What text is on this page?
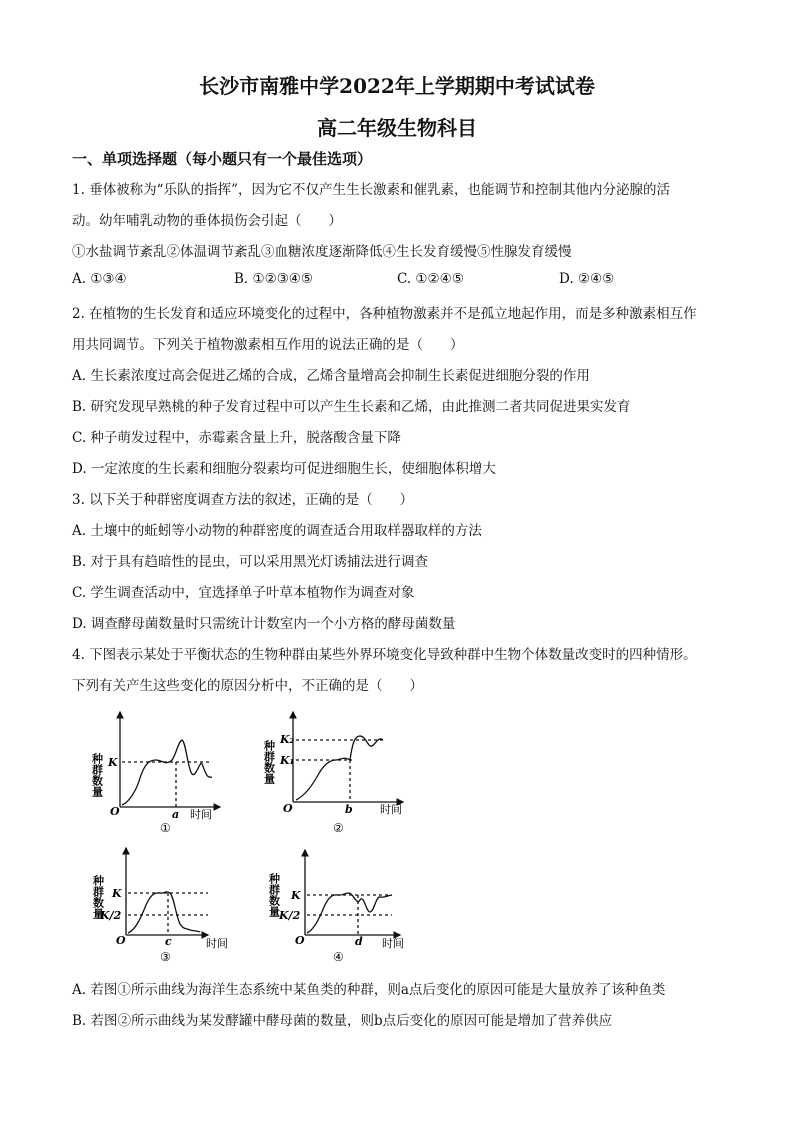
长沙市南雅中学2022年上学期期中考试试卷
高二年级生物科目
一、单项选择题（每小题只有一个最佳选项）
1. 垂体被称为“乐队的指挥”，因为它不仅产生生长激素和催乳素，也能调节和控制其他内分泌腺的活
动。幼年哺乳动物的垂体损伤会引起（　　）
①水盐调节紊乱②体温调节紊乱③血糖浓度逐渐降低④生长发育缓慢⑤性腺发育缓慢
A. ①③④	B. ①②③④⑤	C. ①②④⑤	D. ②④⑤
2. 在植物的生长发育和适应环境变化的过程中，各种植物激素并不是孤立地起作用，而是多种激素相互作
用共同调节。下列关于植物激素相互作用的说法正确的是（　　）
A. 生长素浓度过高会促进乙烯的合成，乙烯含量增高会抑制生长素促进细胞分裂的作用
B. 研究发现早熟桃的种子发育过程中可以产生生长素和乙烯，由此推测二者共同促进果实发育
C. 种子萌发过程中，赤霉素含量上升，脱落酸含量下降
D. 一定浓度的生长素和细胞分裂素均可促进细胞生长，使细胞体积增大
3. 以下关于种群密度调查方法的叙述，正确的是（　　）
A. 土壤中的蚯蚓等小动物的种群密度的调查适合用取样器取样的方法
B. 对于具有趋暗性的昆虫，可以采用黑光灯诱捕法进行调查
C. 学生调查活动中，宜选择单子叶草本植物作为调查对象
D. 调查酵母菌数量时只需统计计数室内一个小方格的酵母菌数量
4. 下图表示某处于平衡状态的生物种群由某些外界环境变化导致种群中生物个体数量改变时的四种情形。
下列有关产生这些变化的原因分析中，不正确的是（　　）
种群数量 K
O	a 时间
①
种群数量
K₂
K₁
O	b 时间
②
种群数量 K
K/2
O	c	时间
③
种群数量 K
K/2
O	d 时间
④
A. 若图①所示曲线为海洋生态系统中某鱼类的种群，则a点后变化的原因可能是大量放养了该种鱼类
B. 若图②所示曲线为某发酵罐中酵母菌的数量，则b点后变化的原因可能是增加了营养供应
